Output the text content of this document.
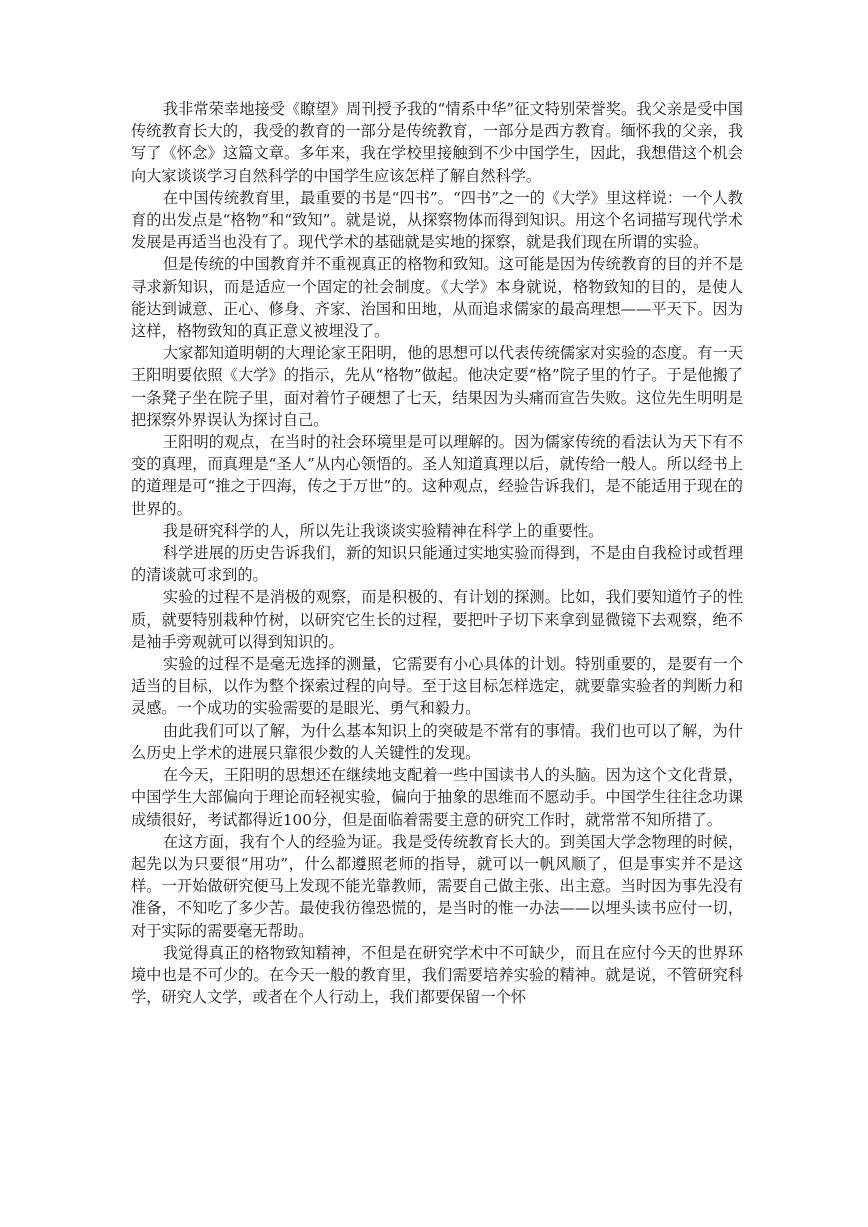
我非常荣幸地接受《瞭望》周刊授予我的“情系中华”征文特别荣誉奖。我父亲是受中国传统教育长大的，我受的教育的一部分是传统教育，一部分是西方教育。缅怀我的父亲，我写了《怀念》这篇文章。多年来，我在学校里接触到不少中国学生，因此，我想借这个机会向大家谈谈学习自然科学的中国学生应该怎样了解自然科学。

在中国传统教育里，最重要的书是“四书”。“四书”之一的《大学》里这样说：一个人教育的出发点是“格物”和“致知”。就是说，从探察物体而得到知识。用这个名词描写现代学术发展是再适当也没有了。现代学术的基础就是实地的探察，就是我们现在所谓的实验。

但是传统的中国教育并不重视真正的格物和致知。这可能是因为传统教育的目的并不是寻求新知识，而是适应一个固定的社会制度。《大学》本身就说，格物致知的目的，是使人能达到诚意、正心、修身、齐家、治国和田地，从而追求儒家的最高理想——平天下。因为这样，格物致知的真正意义被埋没了。

大家都知道明朝的大理论家王阳明，他的思想可以代表传统儒家对实验的态度。有一天王阳明要依照《大学》的指示，先从“格物”做起。他决定要“格”院子里的竹子。于是他搬了一条凳子坐在院子里，面对着竹子硬想了七天，结果因为头痛而宣告失败。这位先生明明是把探察外界误认为探讨自己。

王阳明的观点，在当时的社会环境里是可以理解的。因为儒家传统的看法认为天下有不变的真理，而真理是“圣人”从内心领悟的。圣人知道真理以后，就传给一般人。所以经书上的道理是可“推之于四海，传之于万世”的。这种观点，经验告诉我们，是不能适用于现在的世界的。

我是研究科学的人，所以先让我谈谈实验精神在科学上的重要性。

科学进展的历史告诉我们，新的知识只能通过实地实验而得到，不是由自我检讨或哲理的清谈就可求到的。

实验的过程不是消极的观察，而是积极的、有计划的探测。比如，我们要知道竹子的性质，就要特别栽种竹树，以研究它生长的过程，要把叶子切下来拿到显微镜下去观察，绝不是袖手旁观就可以得到知识的。

实验的过程不是毫无选择的测量，它需要有小心具体的计划。特别重要的，是要有一个适当的目标，以作为整个探索过程的向导。至于这目标怎样选定，就要靠实验者的判断力和灵感。一个成功的实验需要的是眼光、勇气和毅力。

由此我们可以了解，为什么基本知识上的突破是不常有的事情。我们也可以了解，为什么历史上学术的进展只靠很少数的人关键性的发现。

在今天，王阳明的思想还在继续地支配着一些中国读书人的头脑。因为这个文化背景，中国学生大部偏向于理论而轻视实验，偏向于抽象的思维而不愿动手。中国学生往往念功课成绩很好，考试都得近100分，但是面临着需要主意的研究工作时，就常常不知所措了。

在这方面，我有个人的经验为证。我是受传统教育长大的。到美国大学念物理的时候，起先以为只要很“用功”，什么都遵照老师的指导，就可以一帆风顺了，但是事实并不是这样。一开始做研究便马上发现不能光靠教师，需要自己做主张、出主意。当时因为事先没有准备，不知吃了多少苦。最使我彷徨恐慌的，是当时的惟一办法——以埋头读书应付一切，对于实际的需要毫无帮助。

我觉得真正的格物致知精神，不但是在研究学术中不可缺少，而且在应付今天的世界环境中也是不可少的。在今天一般的教育里，我们需要培养实验的精神。就是说，不管研究科学，研究人文学，或者在个人行动上，我们都要保留一个怀
